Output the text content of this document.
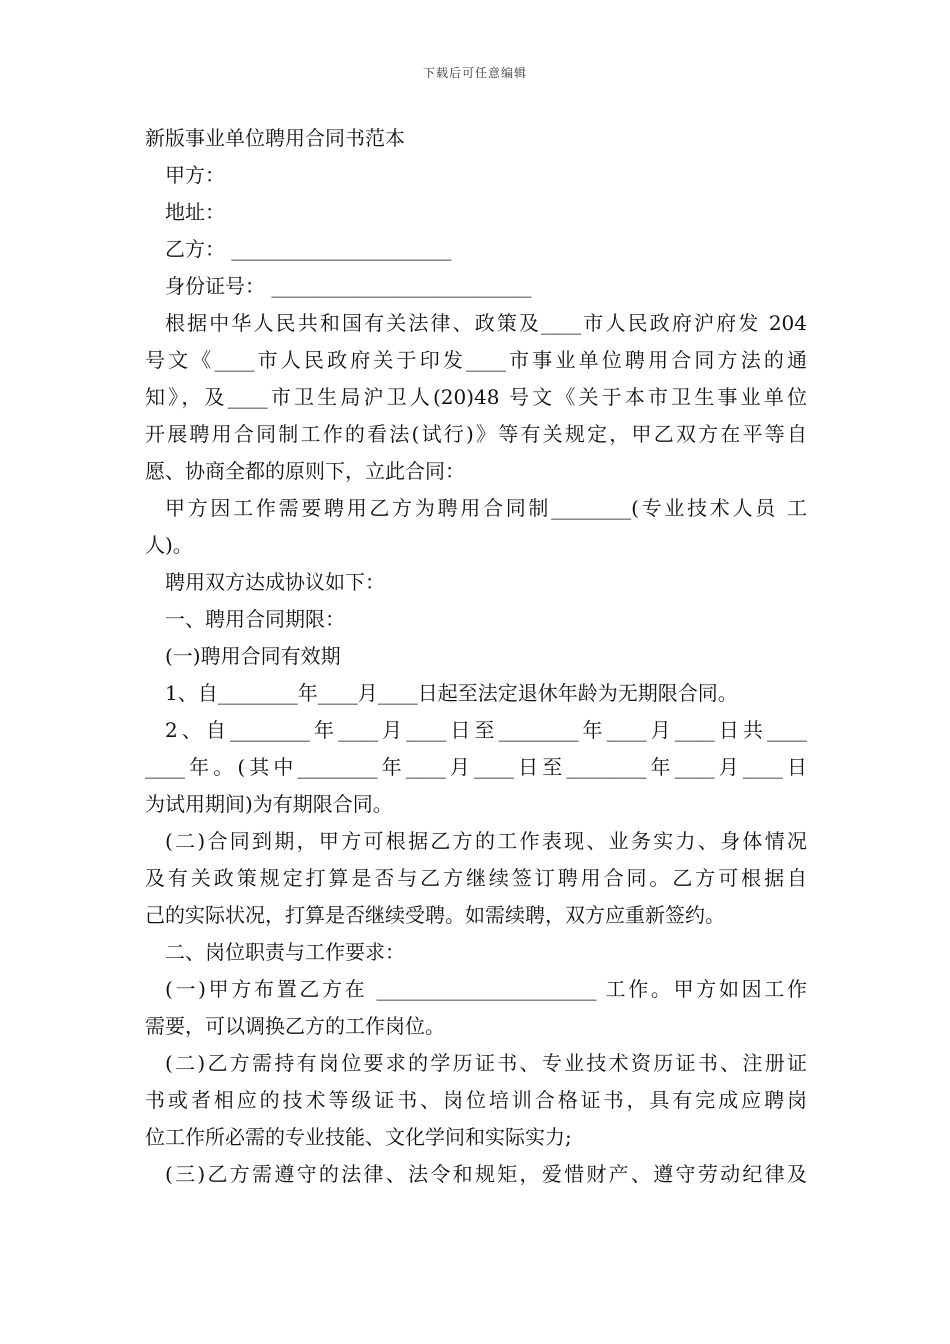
下载后可任意编辑
新版事业单位聘用合同书范本
甲方：
地址：
乙方： ______________________
身份证号： __________________________
根据中华人民共和国有关法律、政策及____市人民政府沪府发 204
号文《____市人民政府关于印发____市事业单位聘用合同方法的通
知》，及____市卫生局沪卫人(20)48 号文《关于本市卫生事业单位
开展聘用合同制工作的看法(试行)》等有关规定，甲乙双方在平等自
愿、协商全都的原则下，立此合同：
甲方因工作需要聘用乙方为聘用合同制________(专业技术人员 工
人)。
聘用双方达成协议如下：
一、聘用合同期限：
(一)聘用合同有效期
1、自________年____月____日起至法定退休年龄为无期限合同。
2、自________年____月____日至________年____月____日共____
____年。(其中________年____月____日至________年____月____日
为试用期间)为有期限合同。
(二)合同到期，甲方可根据乙方的工作表现、业务实力、身体情况
及有关政策规定打算是否与乙方继续签订聘用合同。乙方可根据自
己的实际状况，打算是否继续受聘。如需续聘，双方应重新签约。
二、岗位职责与工作要求：
(一)甲方布置乙方在 ______________________ 工作。甲方如因工作
需要，可以调换乙方的工作岗位。
(二)乙方需持有岗位要求的学历证书、专业技术资历证书、注册证
书或者相应的技术等级证书、岗位培训合格证书，具有完成应聘岗
位工作所必需的专业技能、文化学问和实际实力;
(三)乙方需遵守的法律、法令和规矩，爱惜财产、遵守劳动纪律及
